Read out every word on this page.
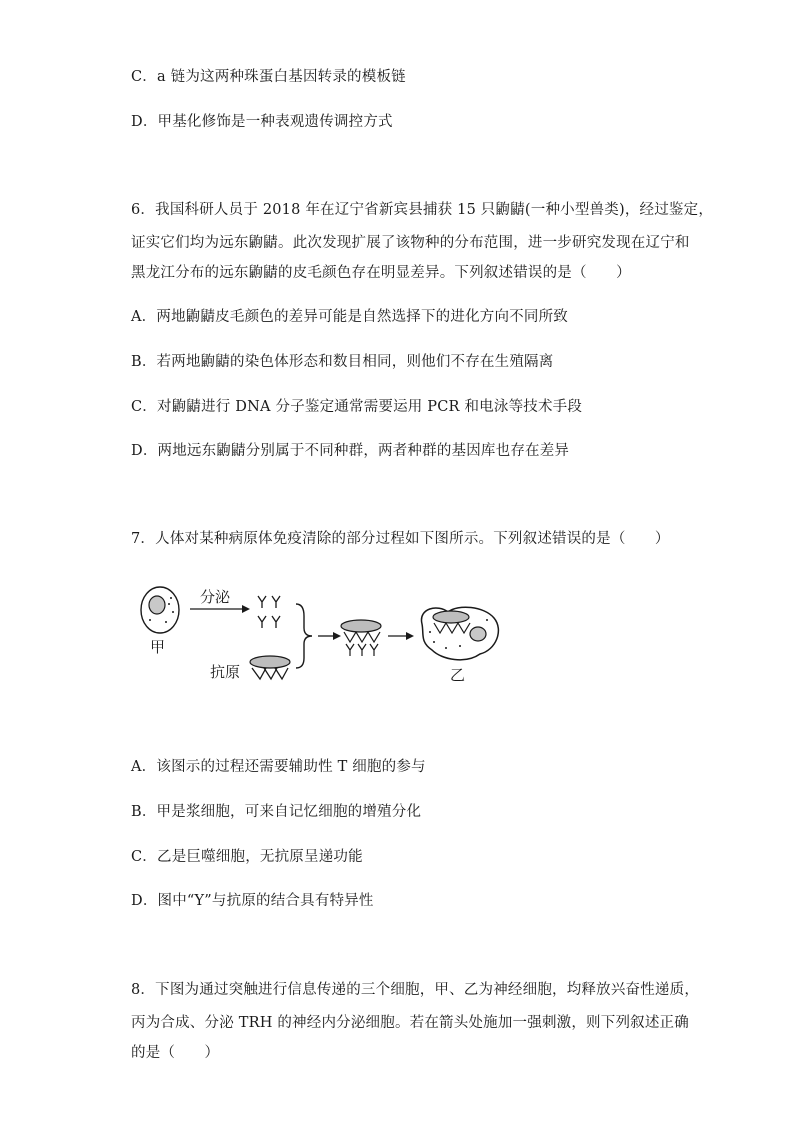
C．a 链为这两种珠蛋白基因转录的模板链
D．甲基化修饰是一种表观遗传调控方式
6．我国科研人员于 2018 年在辽宁省新宾县捕获 15 只鼩鼱(一种小型兽类)，经过鉴定，
证实它们均为远东鼩鼱。此次发现扩展了该物种的分布范围，进一步研究发现在辽宁和
黑龙江分布的远东鼩鼱的皮毛颜色存在明显差异。下列叙述错误的是（　　）
A．两地鼩鼱皮毛颜色的差异可能是自然选择下的进化方向不同所致
B．若两地鼩鼱的染色体形态和数目相同，则他们不存在生殖隔离
C．对鼩鼱进行 DNA 分子鉴定通常需要运用 PCR 和电泳等技术手段
D．两地远东鼩鼱分别属于不同种群，两者种群的基因库也存在差异
7．人体对某种病原体免疫清除的部分过程如下图所示。下列叙述错误的是（　　）
甲
分泌
抗原	乙
A．该图示的过程还需要辅助性 T 细胞的参与
B．甲是浆细胞，可来自记忆细胞的增殖分化
C．乙是巨噬细胞，无抗原呈递功能
D．图中“Y”与抗原的结合具有特异性
8．下图为通过突触进行信息传递的三个细胞，甲、乙为神经细胞，均释放兴奋性递质，
丙为合成、分泌 TRH 的神经内分泌细胞。若在箭头处施加一强刺激，则下列叙述正确
的是（　　）
